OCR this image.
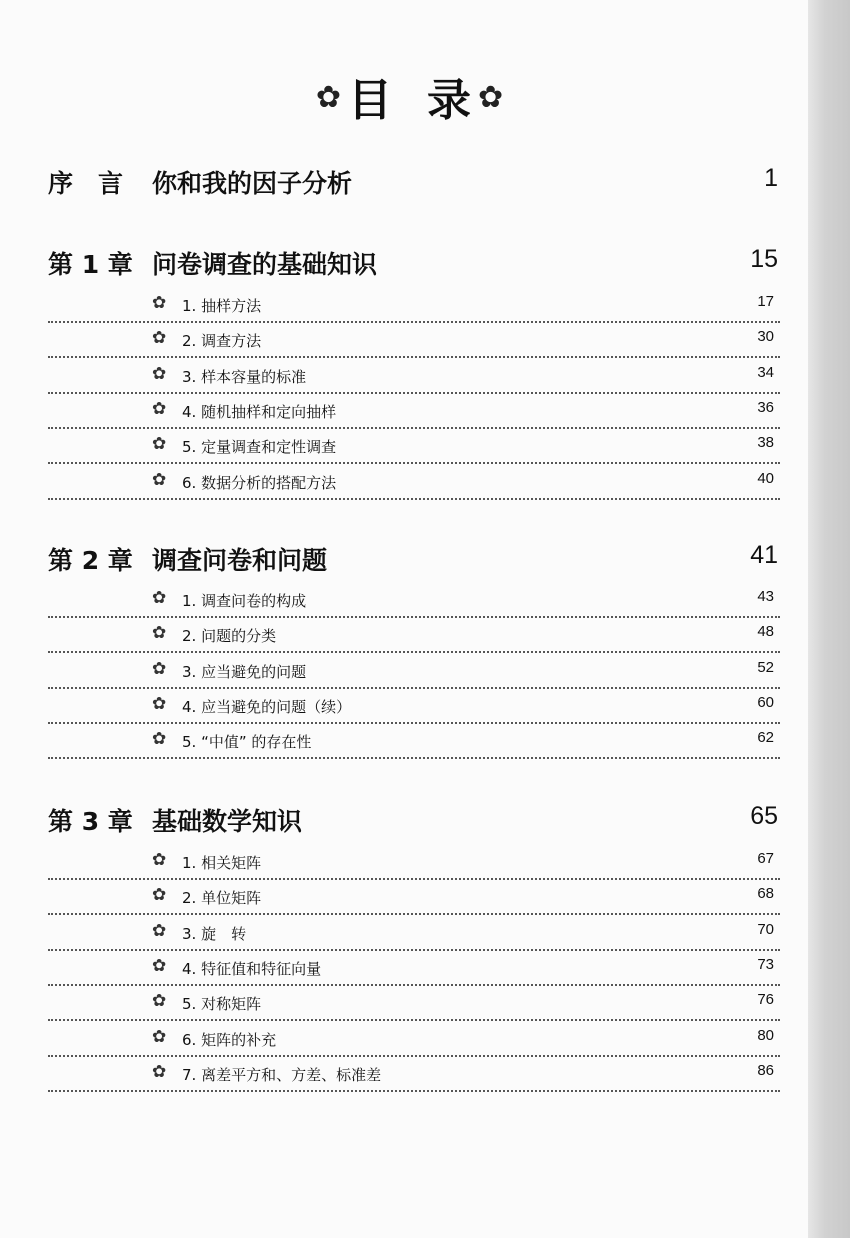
✿ 目 录 ✿
序　言 你和我的因子分析	1
第 1 章 问卷调查的基础知识	15
✿ 1. 抽样方法	17
✿ 2. 调查方法	30
✿ 3. 样本容量的标准	34
✿ 4. 随机抽样和定向抽样	36
✿ 5. 定量调查和定性调查	38
✿ 6. 数据分析的搭配方法	40
第 2 章 调查问卷和问题	41
✿ 1. 调查问卷的构成	43
✿ 2. 问题的分类	48
✿ 3. 应当避免的问题	52
✿ 4. 应当避免的问题（续）	60
✿ 5. “中值” 的存在性	62
第 3 章 基础数学知识	65
✿ 1. 相关矩阵	67
✿ 2. 单位矩阵	68
✿ 3. 旋　转	70
✿ 4. 特征值和特征向量	73
✿ 5. 对称矩阵	76
✿ 6. 矩阵的补充	80
✿ 7. 离差平方和、方差、标准差	86
